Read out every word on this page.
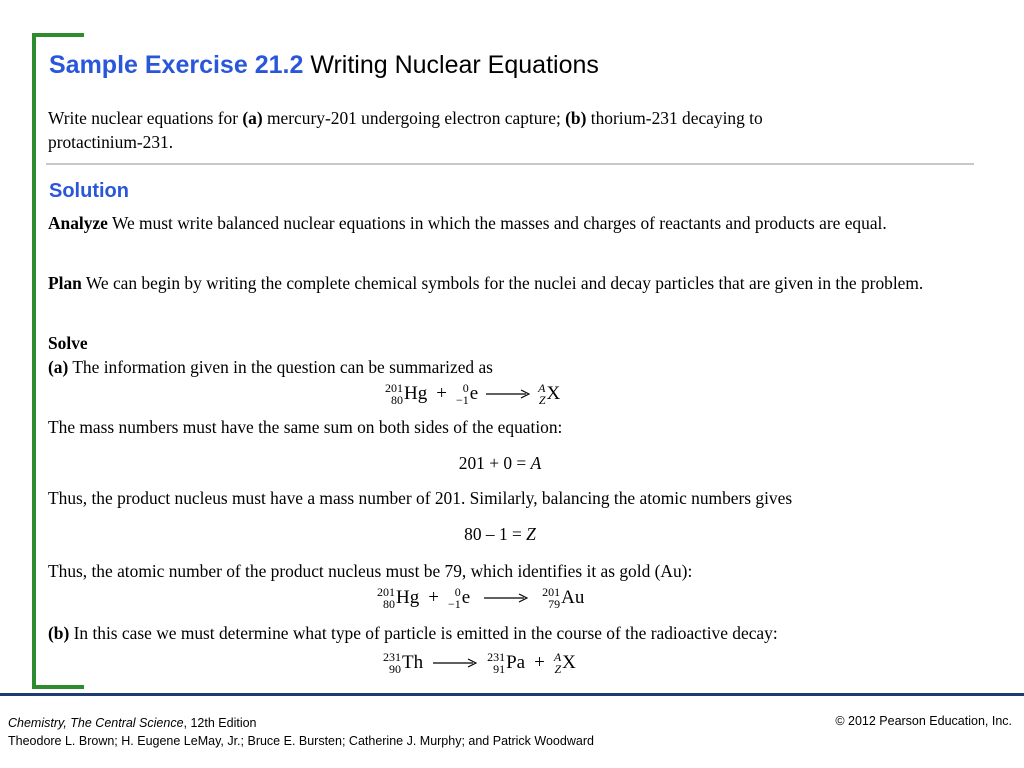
Sample Exercise 21.2 Writing Nuclear Equations
Write nuclear equations for (a) mercury-201 undergoing electron capture; (b) thorium-231 decaying to
protactinium-231.
Solution
Analyze We must write balanced nuclear equations in which the masses and charges of reactants and products are equal.
Plan We can begin by writing the complete chemical symbols for the nuclei and decay particles that are given in the problem.
Solve
(a) The information given in the question can be summarized as
201
80 Hg + 0
−1 e → A
Z X
The mass numbers must have the same sum on both sides of the equation:
201 + 0 = A
Thus, the product nucleus must have a mass number of 201. Similarly, balancing the atomic numbers gives
80 – 1 = Z
Thus, the atomic number of the product nucleus must be 79, which identifies it as gold (Au):
201
80 Hg + 0
−1 e → 201
79 Au
(b) In this case we must determine what type of particle is emitted in the course of the radioactive decay:
231
90 Th → 231
91 Pa + A
Z X
Chemistry, The Central Science, 12th Edition
Theodore L. Brown; H. Eugene LeMay, Jr.; Bruce E. Bursten; Catherine J. Murphy; and Patrick Woodward
© 2012 Pearson Education, Inc.
